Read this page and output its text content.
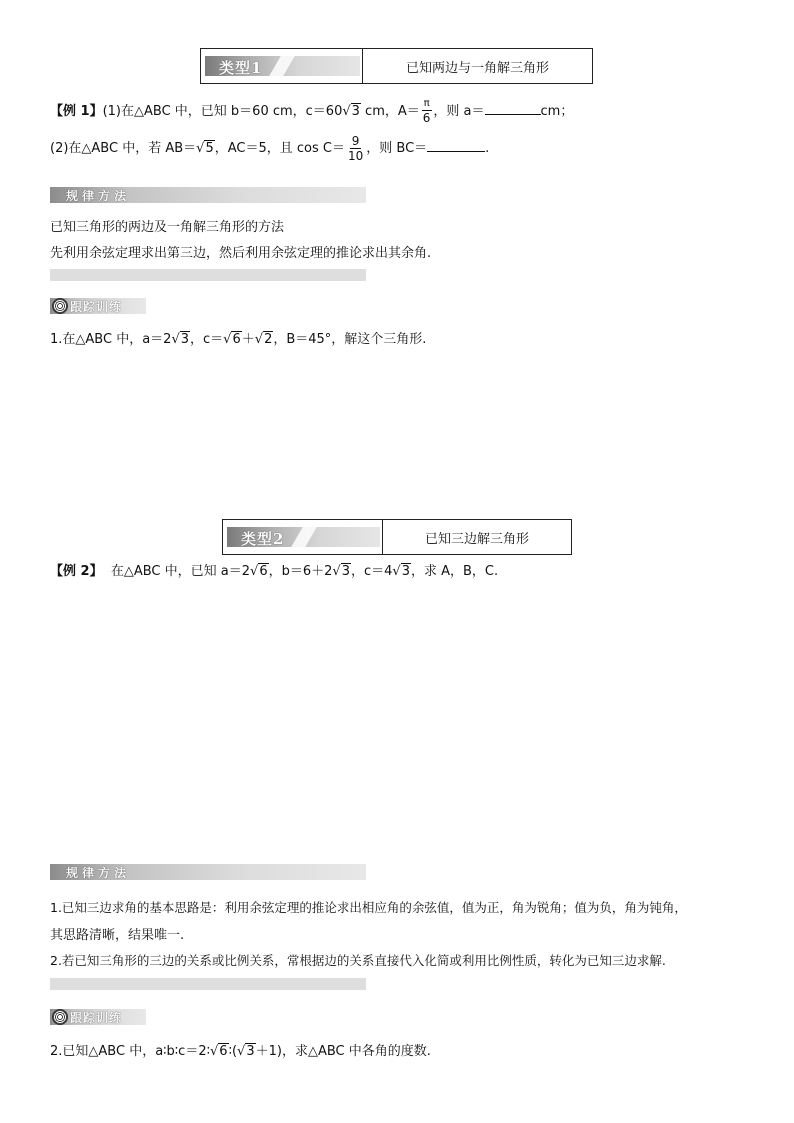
类型1	已知两边与一角解三角形
【例 1】(1)在△ABC 中，已知 b＝60 cm，c＝60√3 cm，$A= \frac{\pi}{6}$ ，则 a＝	cm；
(2)在△ABC 中，若 AB＝√5，AC＝5，且 $\cos C= \frac{9}{10}$ ，则 BC＝	.
规律方法
已知三角形的两边及一角解三角形的方法
先利用余弦定理求出第三边，然后利用余弦定理的推论求出其余角.
跟踪训练
1.在△ABC 中，a＝2√3，c＝√6＋√2，B＝45°，解这个三角形.
类型2	已知三边解三角形
【例 2】  在△ABC 中，已知 a＝2√6，b＝6＋2√3，c＝4√3，求 A，B，C.
规律方法
1.已知三边求角的基本思路是：利用余弦定理的推论求出相应角的余弦值，值为正，角为锐角；值为负，角为钝角，
其思路清晰，结果唯一.
2.若已知三角形的三边的关系或比例关系，常根据边的关系直接代入化简或利用比例性质，转化为已知三边求解.
跟踪训练
2.已知△ABC 中，a∶b∶c＝2∶√6∶(√3＋1)，求△ABC 中各角的度数.
